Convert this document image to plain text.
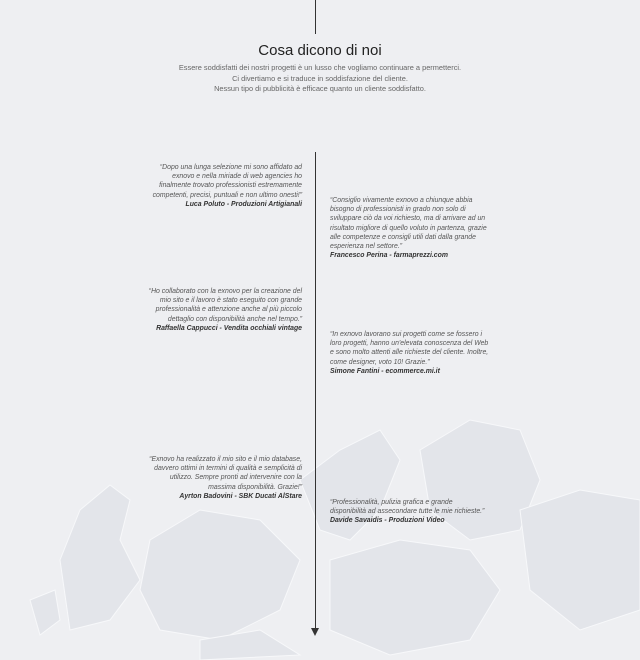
Cosa dicono di noi
Essere soddisfatti dei nostri progetti è un lusso che vogliamo continuare a permetterci.
Ci divertiamo e si traduce in soddisfazione del cliente.
Nessun tipo di pubblicità è efficace quanto un cliente soddisfatto.
“Dopo una lunga selezione mi sono affidato ad exnovo e nella miriade di web agencies ho finalmente trovato professionisti estremamente competenti, precisi, puntuali e non ultimo onesti!”
Luca Poluto - Produzioni Artigianali
“Consiglio vivamente exnovo a chiunque abbia bisogno di professionisti in grado non solo di sviluppare ciò da voi richiesto, ma di arrivare ad un risultato migliore di quello voluto in partenza, grazie alle competenze e consigli utili dati dalla grande esperienza nel settore.”
Francesco Perina - farmaprezzi.com
“Ho collaborato con la exnovo per la creazione del mio sito e il lavoro è stato eseguito con grande professionalità e attenzione anche al più piccolo dettaglio con disponibilità anche nel tempo.”
Raffaella Cappucci - Vendita occhiali vintage
“In exnovo lavorano sui progetti come se fossero i loro progetti, hanno un'elevata conoscenza del Web e sono molto attenti alle richieste del cliente. Inoltre, come designer, voto 10! Grazie.”
Simone Fantini - ecommerce.mi.it
“Exnovo ha realizzato il mio sito e il mio database, davvero ottimi in termini di qualità e semplicità di utilizzo. Sempre pronti ad intervenire con la massima disponibilità. Grazie!”
Ayrton Badovini - SBK Ducati AlStare
“Professionalità, pulizia grafica e grande disponibilità ad assecondare tutte le mie richieste.”
Davide Savaidis - Produzioni Video
